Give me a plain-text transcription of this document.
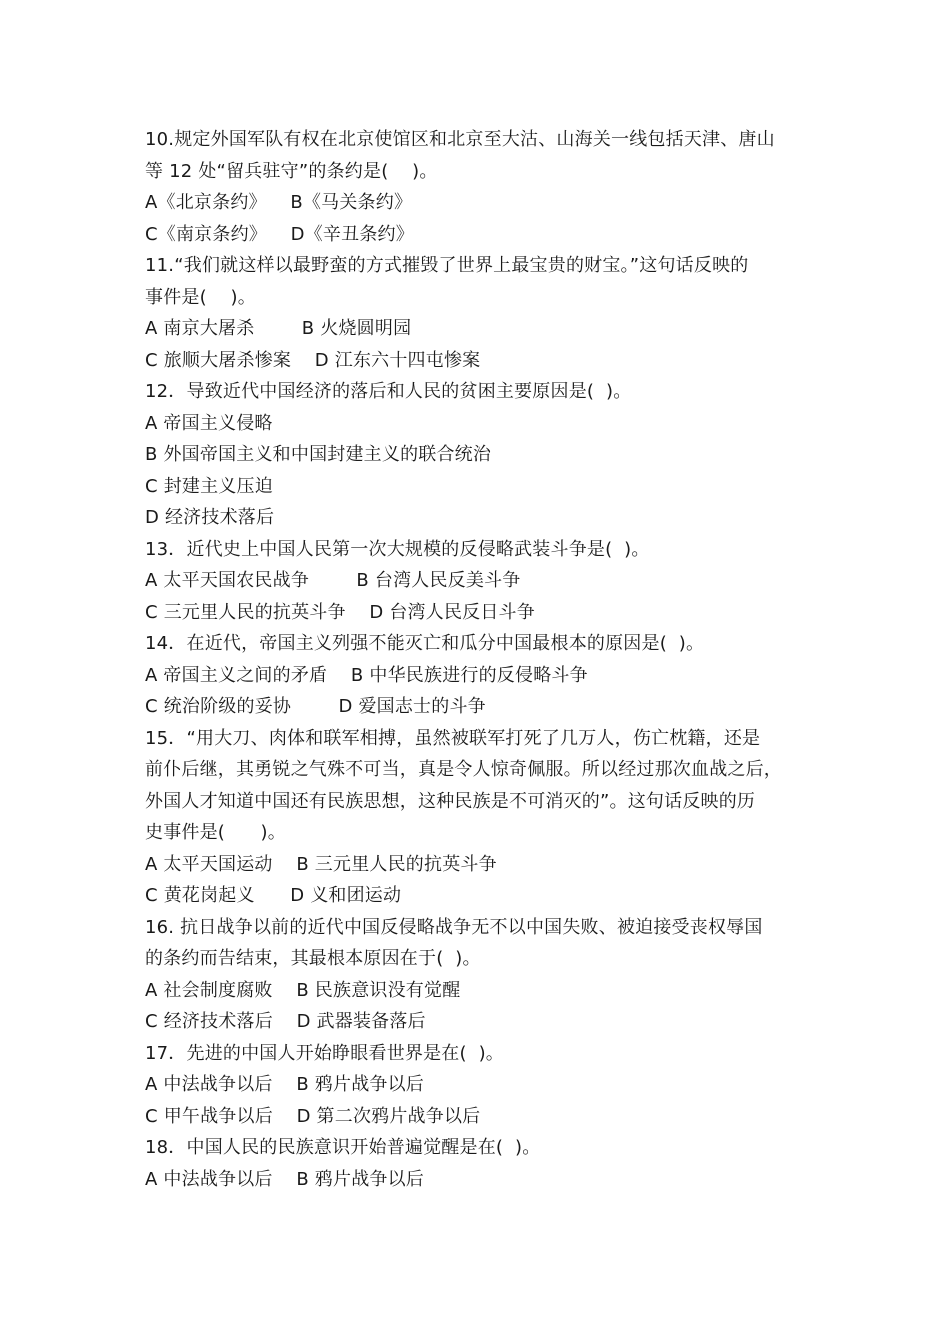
10.规定外国军队有权在北京使馆区和北京至大沽、山海关一线包括天津、唐山
等 12 处“留兵驻守”的条约是(    )。
A《北京条约》    B《马关条约》
C《南京条约》    D《辛丑条约》
11.“我们就这样以最野蛮的方式摧毁了世界上最宝贵的财宝。”这句话反映的
事件是(    )。
A 南京大屠杀        B 火烧圆明园
C 旅顺大屠杀惨案    D 江东六十四屯惨案
12．导致近代中国经济的落后和人民的贫困主要原因是(  )。
A 帝国主义侵略
B 外国帝国主义和中国封建主义的联合统治
C 封建主义压迫
D 经济技术落后
13．近代史上中国人民第一次大规模的反侵略武装斗争是(  )。
A 太平天国农民战争        B 台湾人民反美斗争
C 三元里人民的抗英斗争    D 台湾人民反日斗争
14．在近代，帝国主义列强不能灭亡和瓜分中国最根本的原因是(  )。
A 帝国主义之间的矛盾    B 中华民族进行的反侵略斗争
C 统治阶级的妥协        D 爱国志士的斗争
15．“用大刀、肉体和联军相搏，虽然被联军打死了几万人，伤亡枕籍，还是
前仆后继，其勇锐之气殊不可当，真是令人惊奇佩服。所以经过那次血战之后，
外国人才知道中国还有民族思想，这种民族是不可消灭的”。这句话反映的历
史事件是(      )。
A 太平天国运动    B 三元里人民的抗英斗争
C 黄花岗起义      D 义和团运动
16. 抗日战争以前的近代中国反侵略战争无不以中国失败、被迫接受丧权辱国
的条约而告结束，其最根本原因在于(  )。
A 社会制度腐败    B 民族意识没有觉醒
C 经济技术落后    D 武器装备落后
17．先进的中国人开始睁眼看世界是在(  )。
A 中法战争以后    B 鸦片战争以后
C 甲午战争以后    D 第二次鸦片战争以后
18．中国人民的民族意识开始普遍觉醒是在(  )。
A 中法战争以后    B 鸦片战争以后
